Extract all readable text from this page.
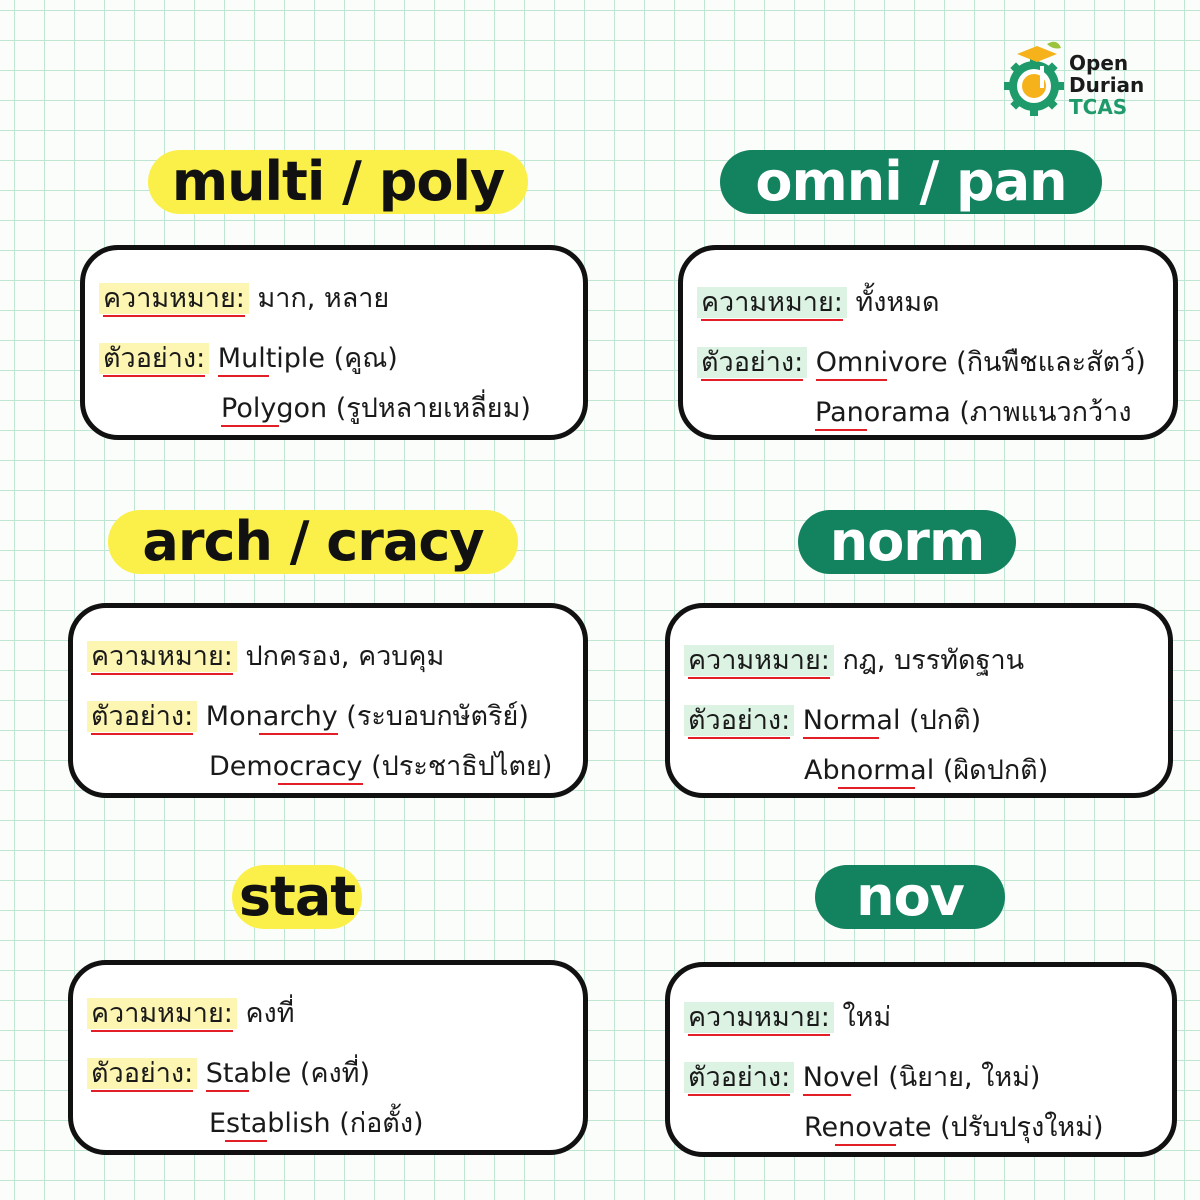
Open
Durian
TCAS
multi / poly
ความหมาย: มาก, หลาย
ตัวอย่าง: Multiple (คูณ)
Polygon (รูปหลายเหลี่ยม)
omni / pan
ความหมาย: ทั้งหมด
ตัวอย่าง: Omnivore (กินพืชและสัตว์)
Panorama (ภาพแนวกว้าง
arch / cracy
ความหมาย: ปกครอง, ควบคุม
ตัวอย่าง: Monarchy (ระบอบกษัตริย์)
Democracy (ประชาธิปไตย)
norm
ความหมาย: กฎ, บรรทัดฐาน
ตัวอย่าง: Normal (ปกติ)
Abnormal (ผิดปกติ)
stat
ความหมาย: คงที่
ตัวอย่าง: Stable (คงที่)
Establish (ก่อตั้ง)
nov
ความหมาย: ใหม่
ตัวอย่าง: Novel (นิยาย, ใหม่)
Renovate (ปรับปรุงใหม่)
